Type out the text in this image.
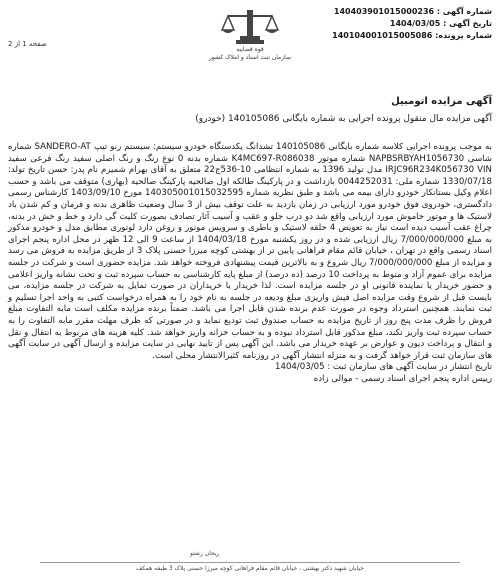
قوه قضاییه
سازمان ثبت اسناد و املاک کشور
شماره آگهی : 140403901015000236
تاریخ آگهی : 1404/03/05
شماره پرونده: 140104001015005086
صفحه 1 از 2
آگهی مزایده اتومبیل
آگهی مزایده مال منقول پرونده اجرایی به شماره بایگانی 140105086 (خودرو)

به موجب پرونده اجرایی کلاسه شماره بایگانی 140105086 تشدانگ یکدستگاه خودرو سیستم: سیستم رنو تیپ SANDERO-AT شماره شاسی NAPBSRBYAH1056730 شماره موتور K4MC697-R086038 شماره بدنه 0 نوع رنگ و رنگ اصلی سفید رنگ فرعی سفید IRJC96R234K056730 VIN مدل تولید 1396 به شماره انتظامی 10-536ج22 متعلق به آقای بهرام شمیرم نام پدر: حسن تاریخ تولد: 1330/07/18 شماره ملی: 0044252031 بازداشت و در پارکینگ طالکه اول صالحیه پارکینگ صالحیه (بهاری) متوقف می باشد و حسب اعلام وکیل بستانکار خودرو دارای بیمه می باشد و طبق نظریه شماره 140305001015032595 مورخ 1403/09/10 کارشناس رسمی دادگستری، خودروی فوق خودرو مورد ارزیابی در زمان بازدید به علت توقف بیش از 3 سال وضعیت ظاهری بدنه و فرمان و کم شدن باد لاستیک ها و موتور خاموش مورد ارزیابی واقع شد دو درب جلو و عقب و آسیب آثار تصادف بصورت کلیت گی دارد و خط و خش در بدنه، چراغ عقب آسیب دیده است نیاز به تعویض 4 حلقه لاستیک و باطری و سرویس موتور و روغن دارد لوتوری مطابق مدل و خودرو مذکور به مبلغ 7/000/000/000 ریال ارزیابی شده و در روز یکشنبه مورخ 1404/03/18 از ساعت 9 الی 12 ظهر در محل اداره پنجم اجرای اسناد رسمی واقع در تهران ، خیابان قائم مقام فراهانی پایین تر از بهشتی کوچه میرزا حسنی پلاک 3 از طریق مزایده به فروش می رسد و مزایده از مبلغ 7/000/000/000 ریال شروع و به بالاترین قیمت پیشنهادی فروخته خواهد شد. مزایده حضوری است و شرکت در جلسه مزایده برای عموم آزاد و منوط به پرداخت 10 درصد (ده درصد) از مبلغ پایه کارشناسی به حساب سپرده ثبت و تحت نشانه واریز اعلامی و حضور خریدار یا نماینده قانونی او در جلسه مزایده است. لذا خریدار یا خریداران در صورت تمایل به شرکت در جلسه مزایده، می بایست قبل از شروع وقت مزایده اصل فیش واریزی مبلغ ودیعه در جلسه به نام خود را به همراه درخواست کتبی به واحد اجرا تسلیم و ثبت نمایند. همچنین استرداد وجوه در صورت عدم برنده شدن قابل اجرا می باشد. ضمناً برنده مزایده مکلف است مابه التفاوت مبلغ فروش را ظرف مدت پنج روز از تاریخ مزایده به حساب صندوق ثبت تودیع نماید و در صورتی که ظرف مهلت مقرر مابه التفاوت را به حساب سپرده ثبت واریز نکند، مبلغ مذکور قابل استرداد نبوده و به حساب خزانه واریز خواهد شد. کلیه هزینه های مربوط به انتقال و نقل و انتقال و پرداخت دیون و عوارض بر عهده خریدار می باشد. این آگهی پس از تایید نهایی در سایت مزایده و ارسال آگهی در سایت آگهی های سازمان ثبت قرار خواهد گرفت و به منزله انتشار آگهی در روزنامه کثیرالانتشار محلی است.

تاریخ انتشار در سایت آگهی های سازمان ثبت : 1404/03/05

رییس اداره پنجم اجرای اسناد رسمی - موالی زاده

ریحان رشتو
خیابان شهید دکتر بهشتی ، خیابان قائم مقام فراهانی کوچه میرزا حسنی پلاک 3 طبقه همکف
